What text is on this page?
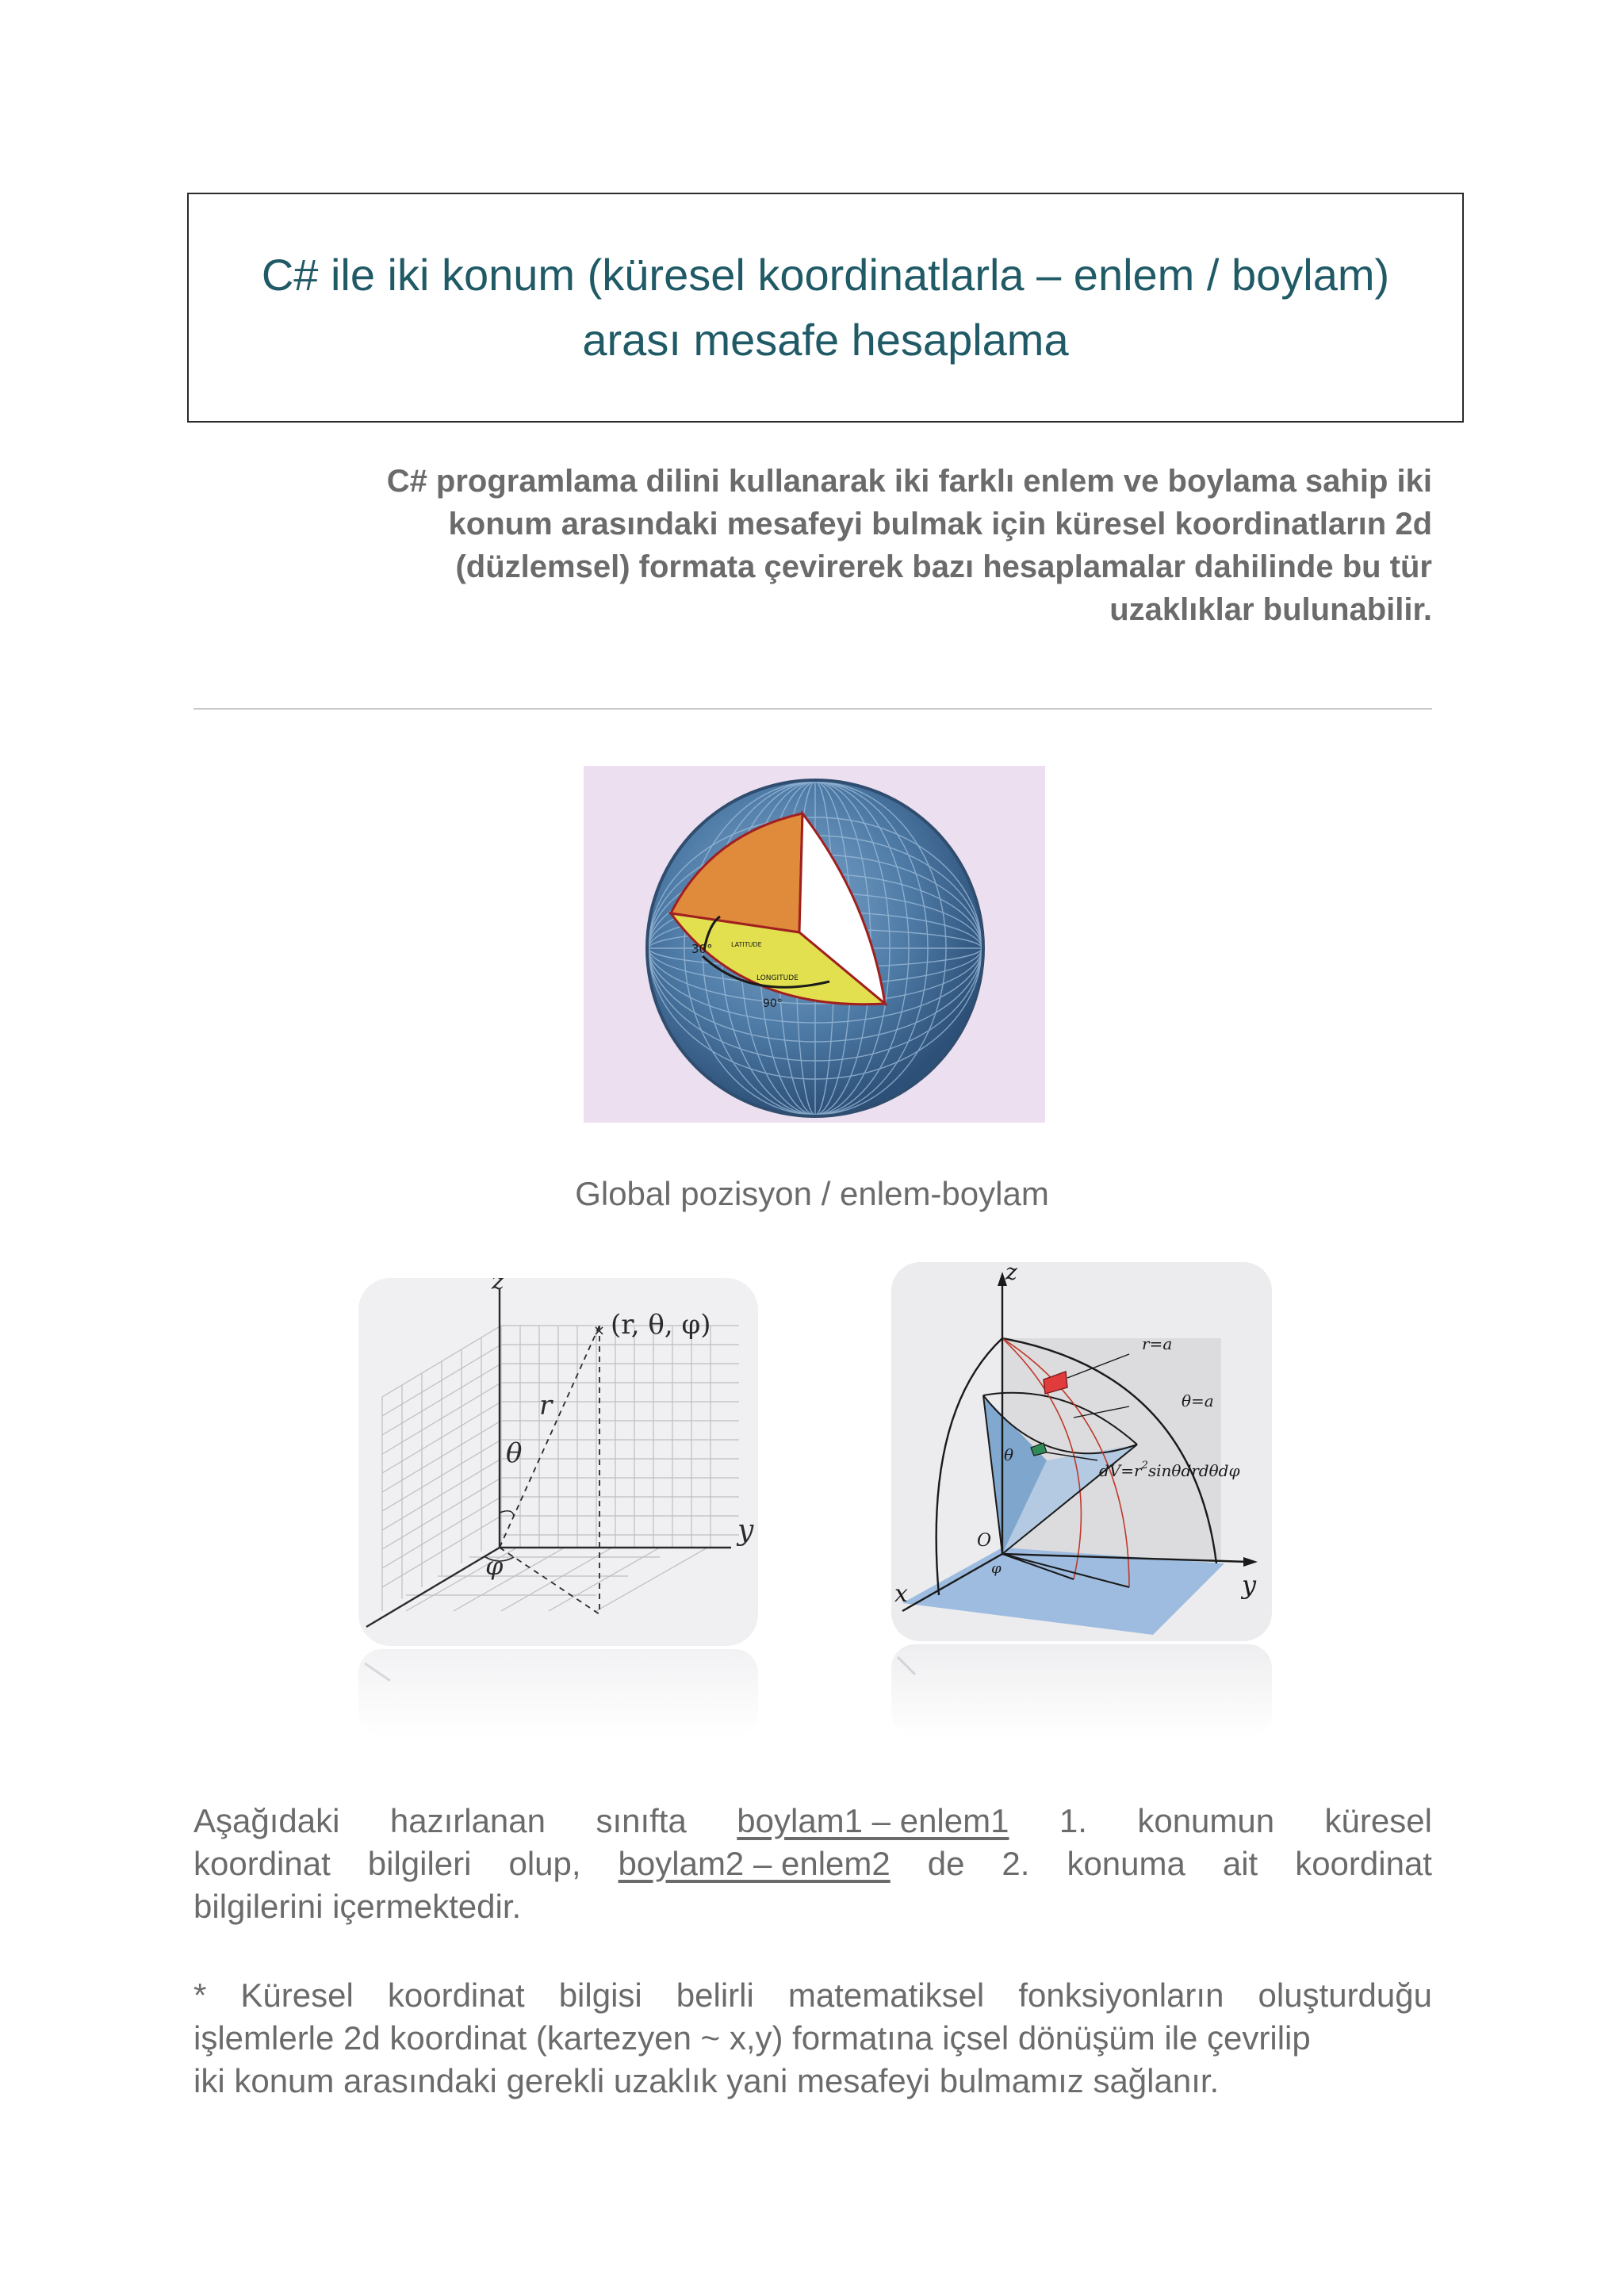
C# ile iki konum (küresel koordinatlarla – enlem / boylam)
arası mesafe hesaplama
C# programlama dilini kullanarak iki farklı enlem ve boylama sahip iki
konum arasındaki mesafeyi bulmak için küresel koordinatların 2d
(düzlemsel) formata çevirerek bazı hesaplamalar dahilinde bu tür
uzaklıklar bulunabilir.
30°	LATITUDE
LONGITUDE
90°
Global pozisyon / enlem-boylam
z
× (r, θ, φ)
r
θ
φ
y
z
r=a
θ=a
θ
$dV=r^2\sin\theta drd\theta d\varphi$
O
φ
x	y
Aşağıdaki hazırlanan sınıfta boylam1 – enlem1 1. konumun küresel
koordinat bilgileri olup, boylam2 – enlem2 de 2. konuma ait koordinat
bilgilerini içermektedir.
* Küresel koordinat bilgisi belirli matematiksel fonksiyonların oluşturduğu
işlemlerle 2d koordinat (kartezyen ~ x,y) formatına içsel dönüşüm ile çevrilip
iki konum arasındaki gerekli uzaklık yani mesafeyi bulmamız sağlanır.
